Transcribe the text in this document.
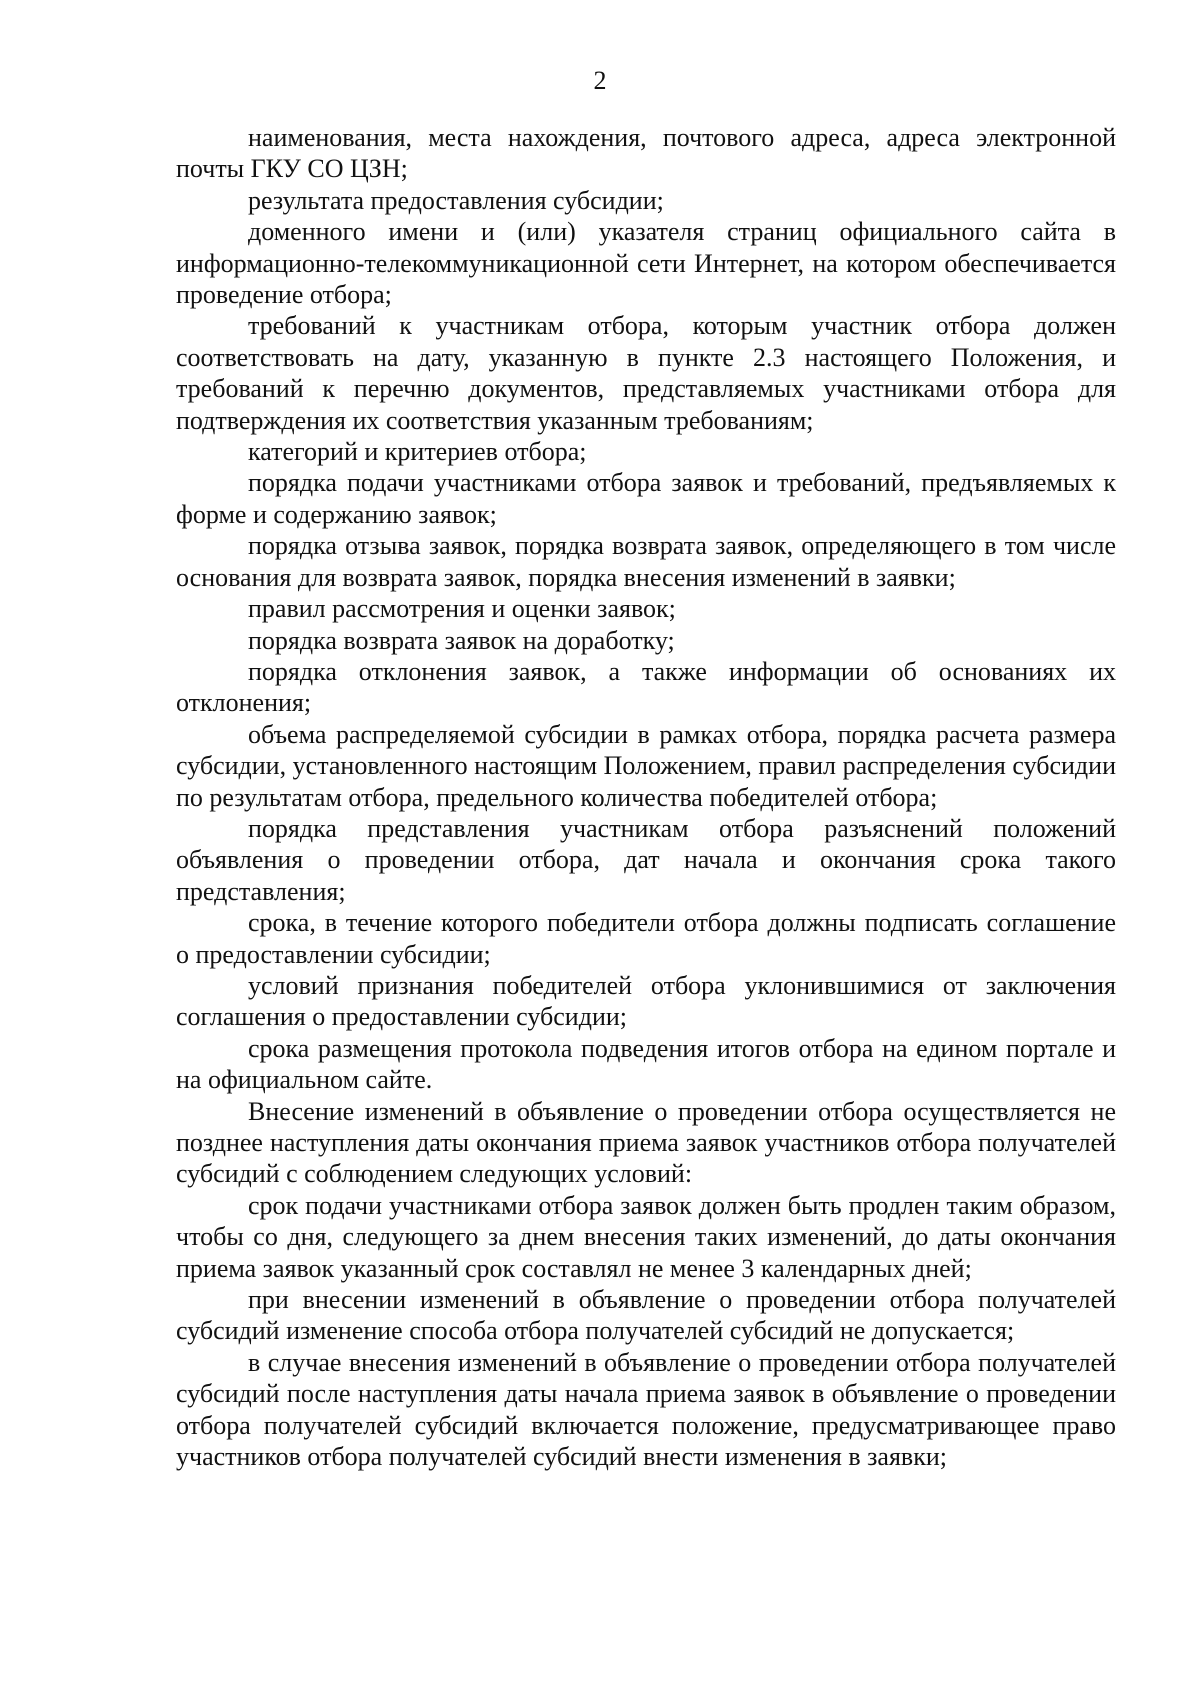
2

наименования, места нахождения, почтового адреса, адреса электронной почты ГКУ СО ЦЗН;

результата предоставления субсидии;

доменного имени и (или) указателя страниц официального сайта в информационно-телекоммуникационной сети Интернет, на котором обеспечивается проведение отбора;

требований к участникам отбора, которым участник отбора должен соответствовать на дату, указанную в пункте 2.3 настоящего Положения, и требований к перечню документов, представляемых участниками отбора для подтверждения их соответствия указанным требованиям;

категорий и критериев отбора;

порядка подачи участниками отбора заявок и требований, предъявляемых к форме и содержанию заявок;

порядка отзыва заявок, порядка возврата заявок, определяющего в том числе основания для возврата заявок, порядка внесения изменений в заявки;

правил рассмотрения и оценки заявок;

порядка возврата заявок на доработку;

порядка отклонения заявок, а также информации об основаниях их отклонения;

объема распределяемой субсидии в рамках отбора, порядка расчета размера субсидии, установленного настоящим Положением, правил распределения субсидии по результатам отбора, предельного количества победителей отбора;

порядка представления участникам отбора разъяснений положений объявления о проведении отбора, дат начала и окончания срока такого представления;

срока, в течение которого победители отбора должны подписать соглашение о предоставлении субсидии;

условий признания победителей отбора уклонившимися от заключения соглашения о предоставлении субсидии;

срока размещения протокола подведения итогов отбора на едином портале и на официальном сайте.

Внесение изменений в объявление о проведении отбора осуществляется не позднее наступления даты окончания приема заявок участников отбора получателей субсидий с соблюдением следующих условий:

срок подачи участниками отбора заявок должен быть продлен таким образом, чтобы со дня, следующего за днем внесения таких изменений, до даты окончания приема заявок указанный срок составлял не менее 3 календарных дней;

при внесении изменений в объявление о проведении отбора получателей субсидий изменение способа отбора получателей субсидий не допускается;

в случае внесения изменений в объявление о проведении отбора получателей субсидий после наступления даты начала приема заявок в объявление о проведении отбора получателей субсидий включается положение, предусматривающее право участников отбора получателей субсидий внести изменения в заявки;
